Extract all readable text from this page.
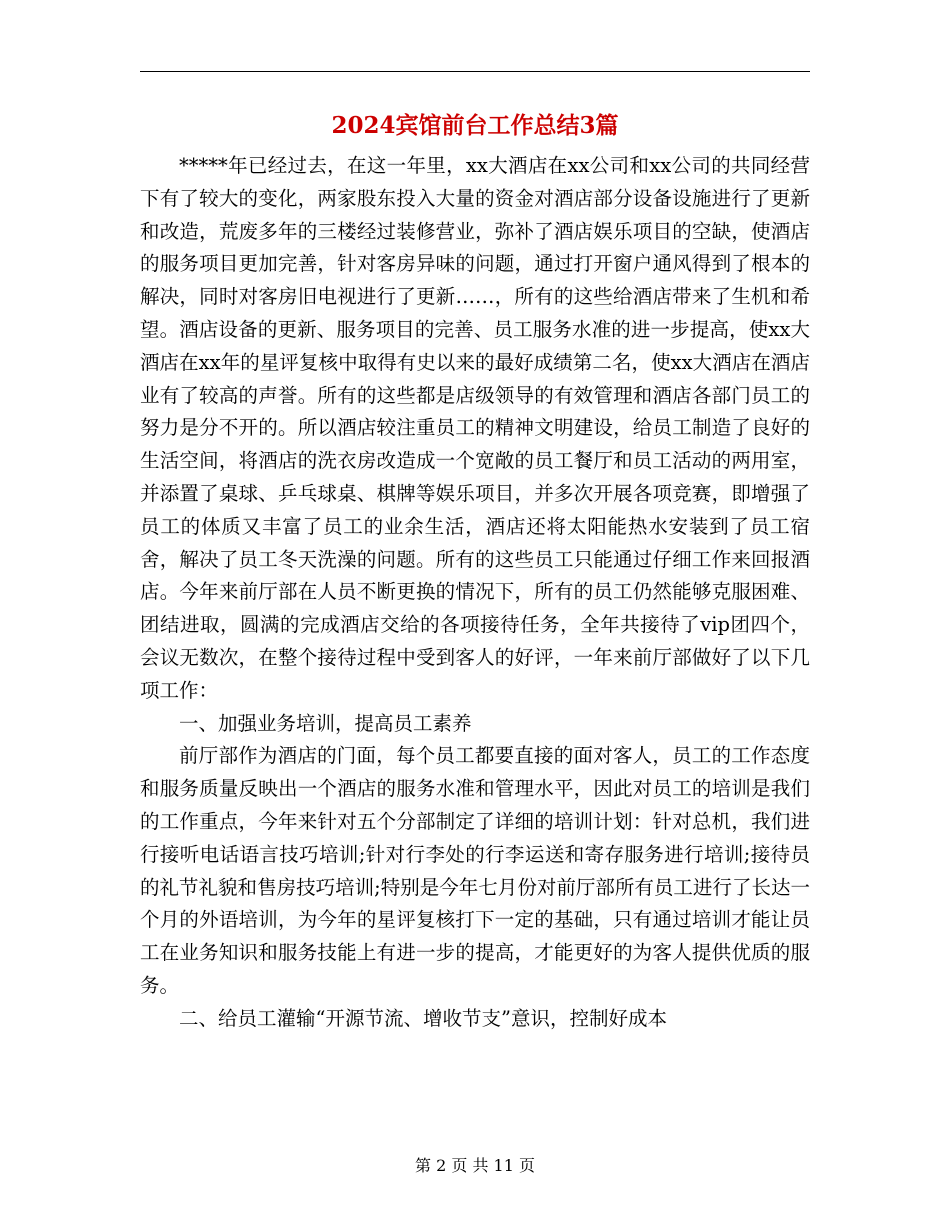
2024宾馆前台工作总结3篇

*****年已经过去，在这一年里，xx大酒店在xx公司和xx公司的共同经营下有了较大的变化，两家股东投入大量的资金对酒店部分设备设施进行了更新和改造，荒废多年的三楼经过装修营业，弥补了酒店娱乐项目的空缺，使酒店的服务项目更加完善，针对客房异味的问题，通过打开窗户通风得到了根本的解决，同时对客房旧电视进行了更新……，所有的这些给酒店带来了生机和希望。酒店设备的更新、服务项目的完善、员工服务水准的进一步提高，使xx大酒店在xx年的星评复核中取得有史以来的最好成绩第二名，使xx大酒店在酒店业有了较高的声誉。所有的这些都是店级领导的有效管理和酒店各部门员工的努力是分不开的。所以酒店较注重员工的精神文明建设，给员工制造了良好的生活空间，将酒店的洗衣房改造成一个宽敞的员工餐厅和员工活动的两用室，并添置了桌球、乒乓球桌、棋牌等娱乐项目，并多次开展各项竞赛，即增强了员工的体质又丰富了员工的业余生活，酒店还将太阳能热水安装到了员工宿舍，解决了员工冬天洗澡的问题。所有的这些员工只能通过仔细工作来回报酒店。今年来前厅部在人员不断更换的情况下，所有的员工仍然能够克服困难、团结进取，圆满的完成酒店交给的各项接待任务，全年共接待了vip团四个，会议无数次，在整个接待过程中受到客人的好评，一年来前厅部做好了以下几项工作：

一、加强业务培训，提高员工素养

前厅部作为酒店的门面，每个员工都要直接的面对客人，员工的工作态度和服务质量反映出一个酒店的服务水准和管理水平，因此对员工的培训是我们的工作重点，今年来针对五个分部制定了详细的培训计划：针对总机，我们进行接听电话语言技巧培训;针对行李处的行李运送和寄存服务进行培训;接待员的礼节礼貌和售房技巧培训;特别是今年七月份对前厅部所有员工进行了长达一个月的外语培训，为今年的星评复核打下一定的基础，只有通过培训才能让员工在业务知识和服务技能上有进一步的提高，才能更好的为客人提供优质的服务。

二、给员工灌输“开源节流、增收节支”意识，控制好成本

第 2 页 共 11 页
